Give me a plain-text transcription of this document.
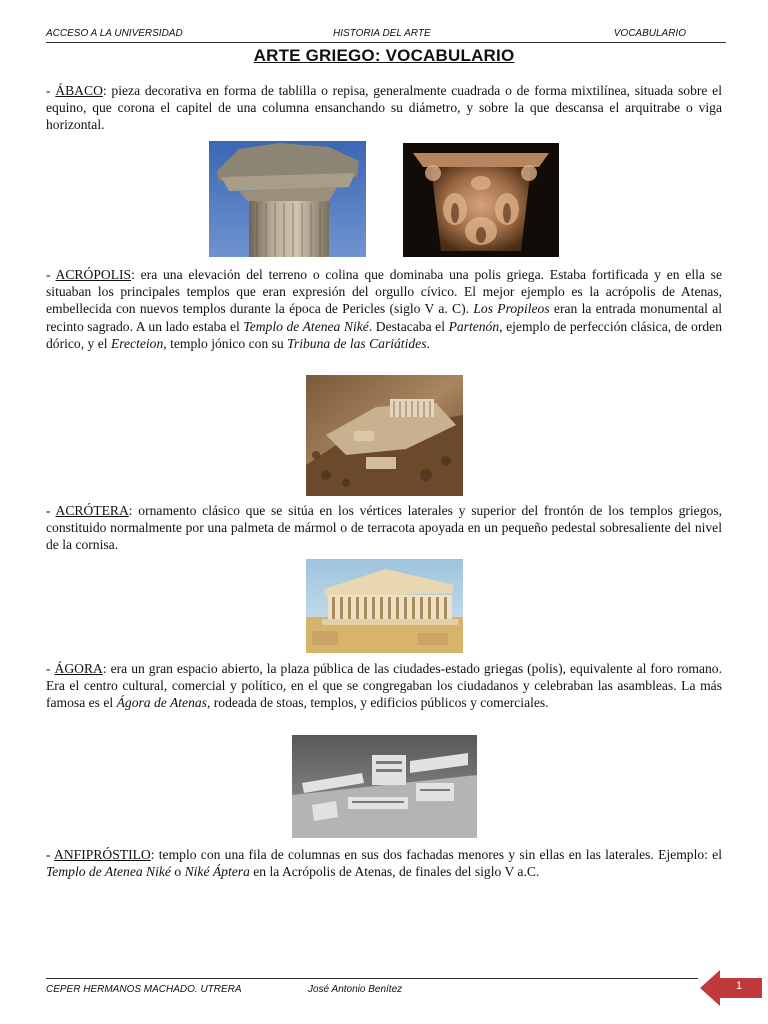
ACCESO A LA UNIVERSIDAD	HISTORIA DEL ARTE	VOCABULARIO
ARTE GRIEGO: VOCABULARIO

- ÁBACO: pieza decorativa en forma de tablilla o repisa, generalmente cuadrada o de forma mixtilínea, situada sobre el equino, que corona el capitel de una columna ensanchando su diámetro, y sobre la que descansa el arquitrabe o viga horizontal.

- ACRÓPOLIS: era una elevación del terreno o colina que dominaba una polis griega. Estaba fortificada y en ella se situaban los principales templos que eran expresión del orgullo cívico. El mejor ejemplo es la acrópolis de Atenas, embellecida con nuevos templos durante la época de Pericles (siglo V a. C). Los Propileos eran la entrada monumental al recinto sagrado. A un lado estaba el Templo de Atenea Niké. Destacaba el Partenón, ejemplo de perfección clásica, de orden dórico, y el Erecteion, templo jónico con su Tribuna de las Cariátides.

- ACRÓTERA: ornamento clásico que se sitúa en los vértices laterales y superior del frontón de los templos griegos, constituido normalmente por una palmeta de mármol o de terracota apoyada en un pequeño pedestal sobresaliente del nivel de la cornisa.

- ÁGORA: era un gran espacio abierto, la plaza pública de las ciudades-estado griegas (polis), equivalente al foro romano. Era el centro cultural, comercial y político, en el que se congregaban los ciudadanos y celebraban las asambleas. La más famosa es el Ágora de Atenas, rodeada de stoas, templos, y edificios públicos y comerciales.

- ANFIPRÓSTILO: templo con una fila de columnas en sus dos fachadas menores y sin ellas en las laterales. Ejemplo: el Templo de Atenea Niké o Niké Áptera en la Acrópolis de Atenas, de finales del siglo V a.C.

CEPER HERMANOS MACHADO. UTRERA	José Antonio Benítez	1
